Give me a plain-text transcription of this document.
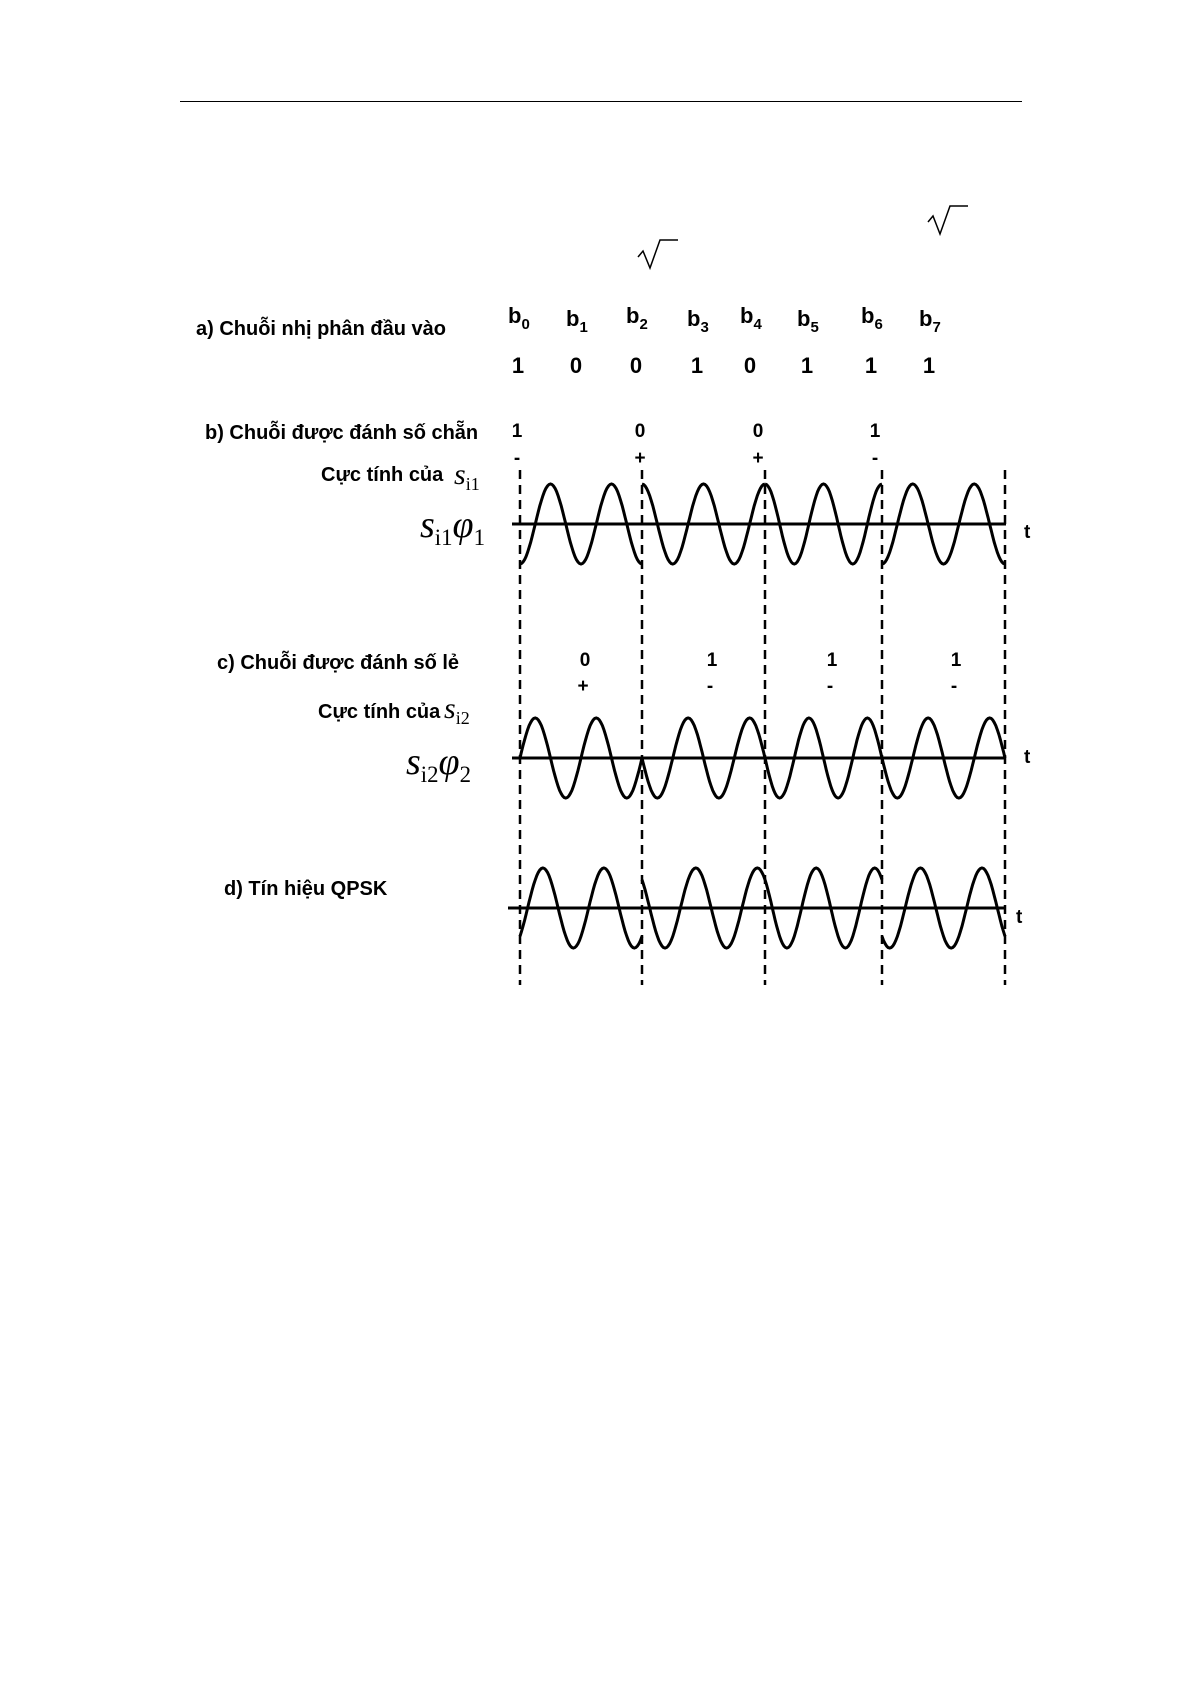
a) Chuỗi nhị phân đầu vào
$b_0$ $b_1$ $b_2$ $b_3$ $b_4$ $b_5$ $b_6$ $b_7$
1	0	0	1	0	1	1	1
b) Chuỗi được đánh số chẵn
Cực tính của $s_{i1}$
$s_{i1}\varphi_1$
1	0	0	1
-	+	+	-
t
c) Chuỗi được đánh số lẻ
Cực tính của $s_{i2}$
$s_{i2}\varphi_2$
0	1	1	1
+	-	-	-
t
d) Tín hiệu QPSK
t
